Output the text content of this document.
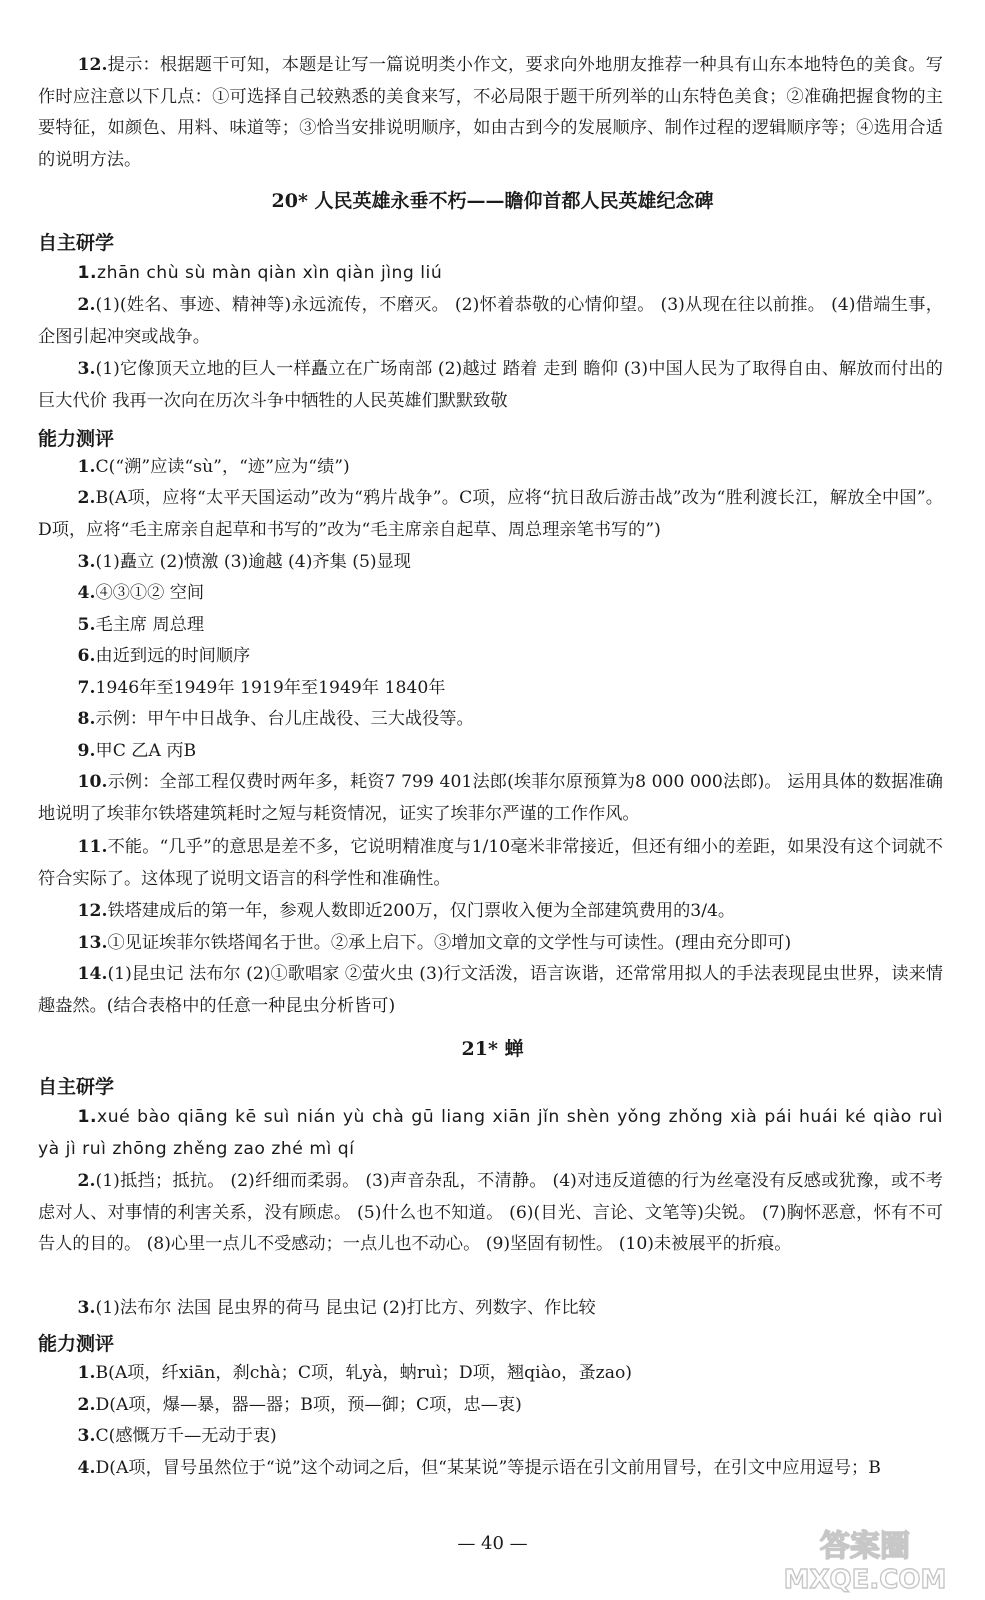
12.提示：根据题干可知，本题是让写一篇说明类小作文，要求向外地朋友推荐一种具有山东本地特色的美食。写作时应注意以下几点：①可选择自己较熟悉的美食来写，不必局限于题干所列举的山东特色美食；②准确把握食物的主要特征，如颜色、用料、味道等；③恰当安排说明顺序，如由古到今的发展顺序、制作过程的逻辑顺序等；④选用合适的说明方法。

20* 人民英雄永垂不朽——瞻仰首都人民英雄纪念碑
自主研学

1.zhān chù sù màn qiàn xìn qiàn jìng liú

2.(1)(姓名、事迹、精神等)永远流传，不磨灭。 (2)怀着恭敬的心情仰望。 (3)从现在往以前推。 (4)借端生事，企图引起冲突或战争。

3.(1)它像顶天立地的巨人一样矗立在广场南部 (2)越过 踏着 走到 瞻仰 (3)中国人民为了取得自由、解放而付出的巨大代价 我再一次向在历次斗争中牺牲的人民英雄们默默致敬

能力测评

1.C(“溯”应读“sù”，“迹”应为“绩”)

2.B(A项，应将“太平天国运动”改为“鸦片战争”。C项，应将“抗日敌后游击战”改为“胜利渡长江，解放全中国”。D项，应将“毛主席亲自起草和书写的”改为“毛主席亲自起草、周总理亲笔书写的”)

3.(1)矗立 (2)愤激 (3)逾越 (4)齐集 (5)显现

4.④③①② 空间

5.毛主席 周总理

6.由近到远的时间顺序

7.1946年至1949年 1919年至1949年 1840年

8.示例：甲午中日战争、台儿庄战役、三大战役等。

9.甲C 乙A 丙B

10.示例：全部工程仅费时两年多，耗资7 799 401法郎(埃菲尔原预算为8 000 000法郎)。 运用具体的数据准确地说明了埃菲尔铁塔建筑耗时之短与耗资情况，证实了埃菲尔严谨的工作作风。

11.不能。“几乎”的意思是差不多，它说明精准度与1/10毫米非常接近，但还有细小的差距，如果没有这个词就不符合实际了。这体现了说明文语言的科学性和准确性。

12.铁塔建成后的第一年，参观人数即近200万，仅门票收入便为全部建筑费用的3/4。

13.①见证埃菲尔铁塔闻名于世。②承上启下。③增加文章的文学性与可读性。(理由充分即可)

14.(1)昆虫记 法布尔 (2)①歌唱家 ②萤火虫 (3)行文活泼，语言诙谐，还常常用拟人的手法表现昆虫世界，读来情趣盎然。(结合表格中的任意一种昆虫分析皆可)

21* 蝉
自主研学

1.xué bào qiāng kē suì nián yù chà gū liang xiān jǐn shèn yǒng zhǒng xià pái huái ké qiào ruì yà jì ruì zhōng zhěng zao zhé mì qí

2.(1)抵挡；抵抗。 (2)纤细而柔弱。 (3)声音杂乱，不清静。 (4)对违反道德的行为丝毫没有反感或犹豫，或不考虑对人、对事情的利害关系，没有顾虑。 (5)什么也不知道。 (6)(目光、言论、文笔等)尖锐。 (7)胸怀恶意，怀有不可告人的目的。 (8)心里一点儿不受感动；一点儿也不动心。 (9)坚固有韧性。 (10)未被展平的折痕。

3.(1)法布尔 法国 昆虫界的荷马 昆虫记 (2)打比方、列数字、作比较

能力测评

1.B(A项，纤xiān，刹chà；C项，轧yà，蚋ruì；D项，翘qiào，蚤zao)

2.D(A项，爆—暴，器—器；B项，预—御；C项，忠—衷)

3.C(感慨万千—无动于衷)

4.D(A项，冒号虽然位于“说”这个动词之后，但“某某说”等提示语在引文前用冒号，在引文中应用逗号；B

— 40 —	答案圈
MXQE.COM
